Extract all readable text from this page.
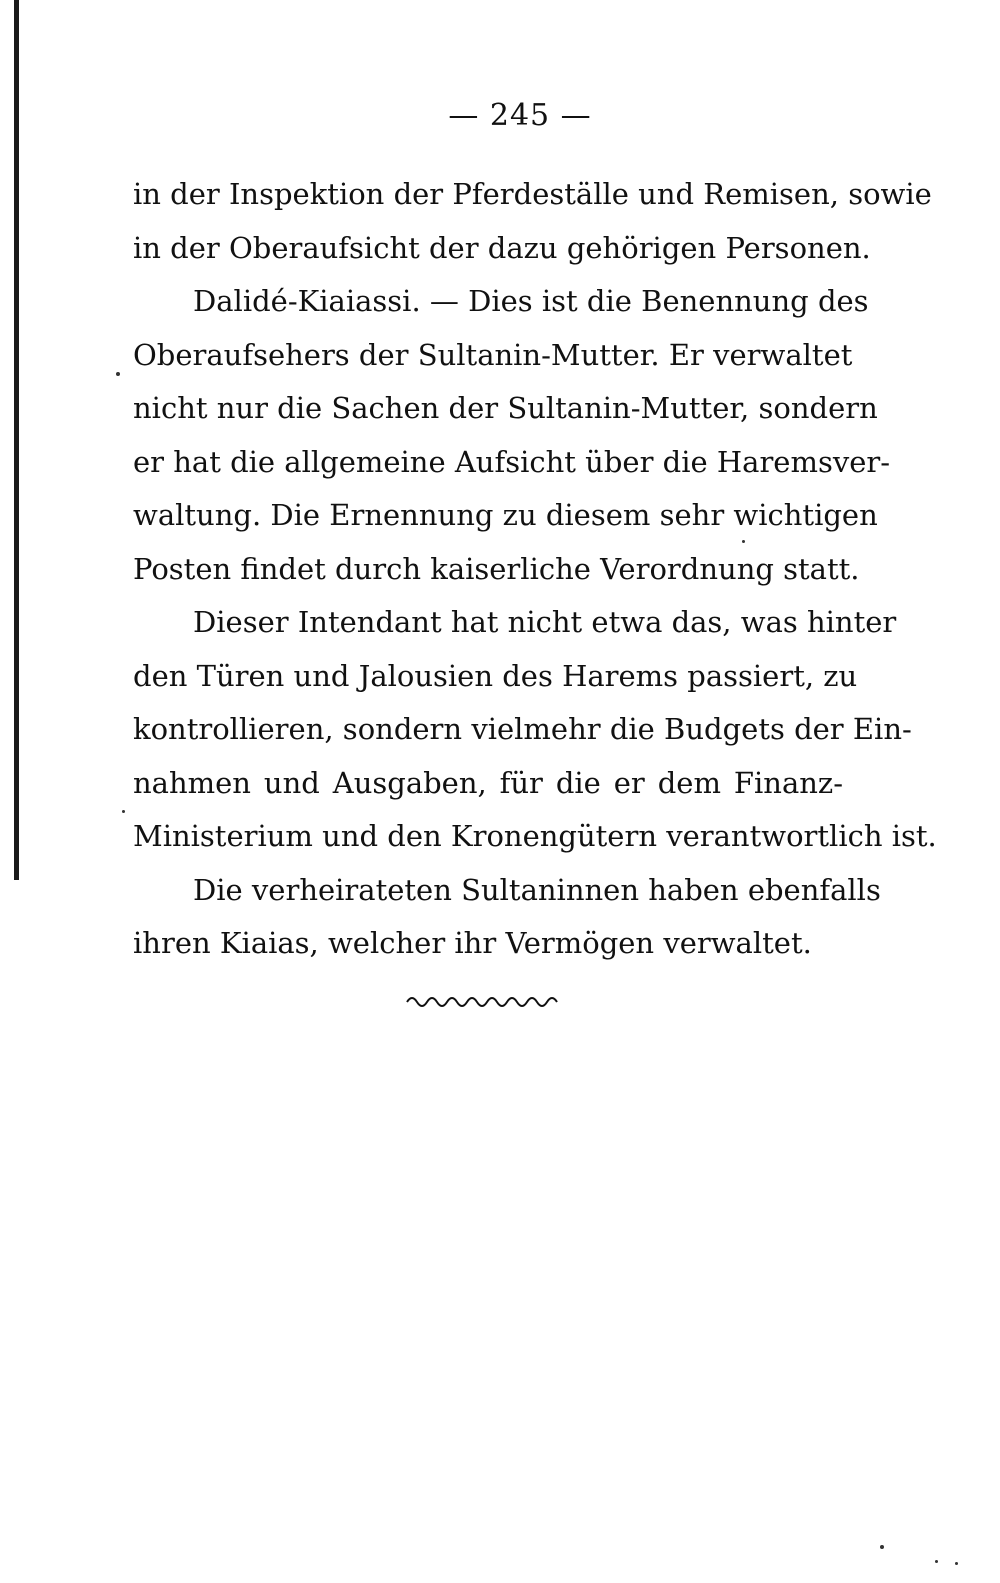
— 245 —
in der Inspektion der Pferdeställe und Remisen, sowie
in der Oberaufsicht der dazu gehörigen Personen.
Dalidé-Kiaiassi. — Dies ist die Benennung des
Oberaufsehers der Sultanin-Mutter. Er verwaltet
nicht nur die Sachen der Sultanin-Mutter, sondern
er hat die allgemeine Aufsicht über die Haremsver-
waltung. Die Ernennung zu diesem sehr wichtigen
Posten findet durch kaiserliche Verordnung statt.
Dieser Intendant hat nicht etwa das, was hinter
den Türen und Jalousien des Harems passiert, zu
kontrollieren, sondern vielmehr die Budgets der Ein-
nahmen und Ausgaben, für die er dem Finanz-
Ministerium und den Kronengütern verantwortlich ist.
Die verheirateten Sultaninnen haben ebenfalls
ihren Kiaias, welcher ihr Vermögen verwaltet.
